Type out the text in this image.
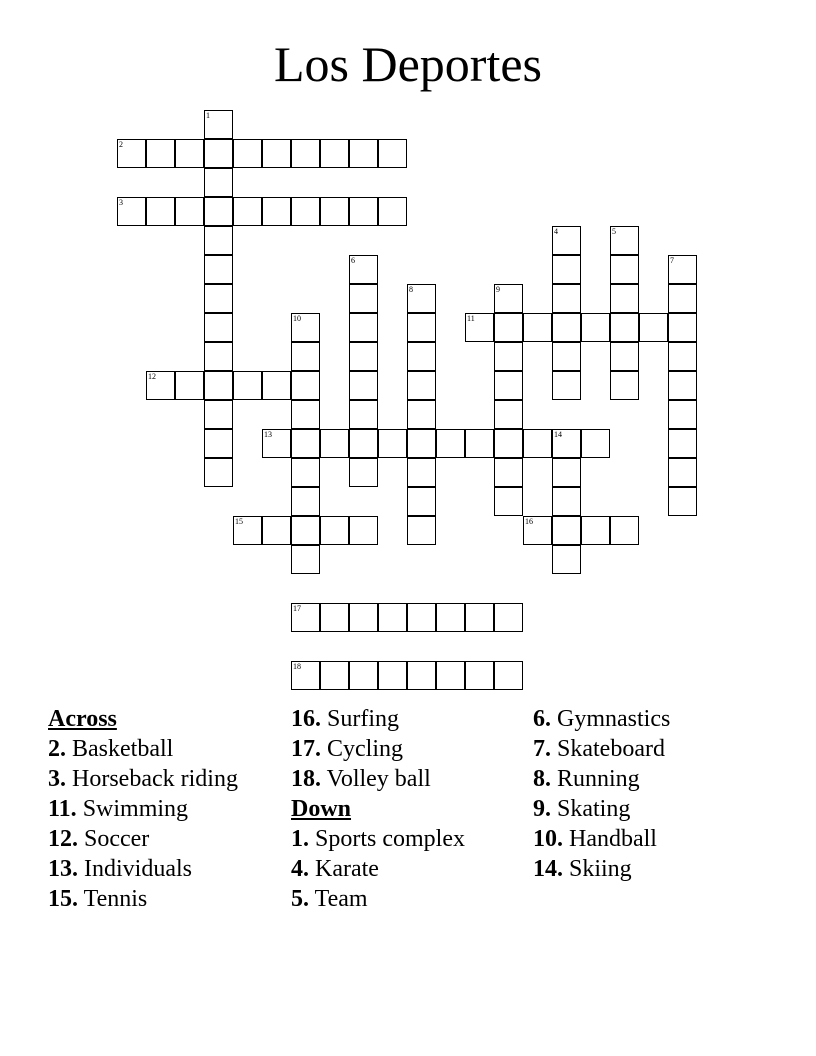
Los Deportes
1
2
3
4	5
6	7
8	9
10	11
12
13	14
15	16
17
18
Across
2. Basketball
3. Horseback riding
11. Swimming
12. Soccer
13. Individuals
15. Tennis
16. Surfing
17. Cycling
18. Volley ball
Down
1. Sports complex
4. Karate
5. Team
6. Gymnastics
7. Skateboard
8. Running
9. Skating
10. Handball
14. Skiing
